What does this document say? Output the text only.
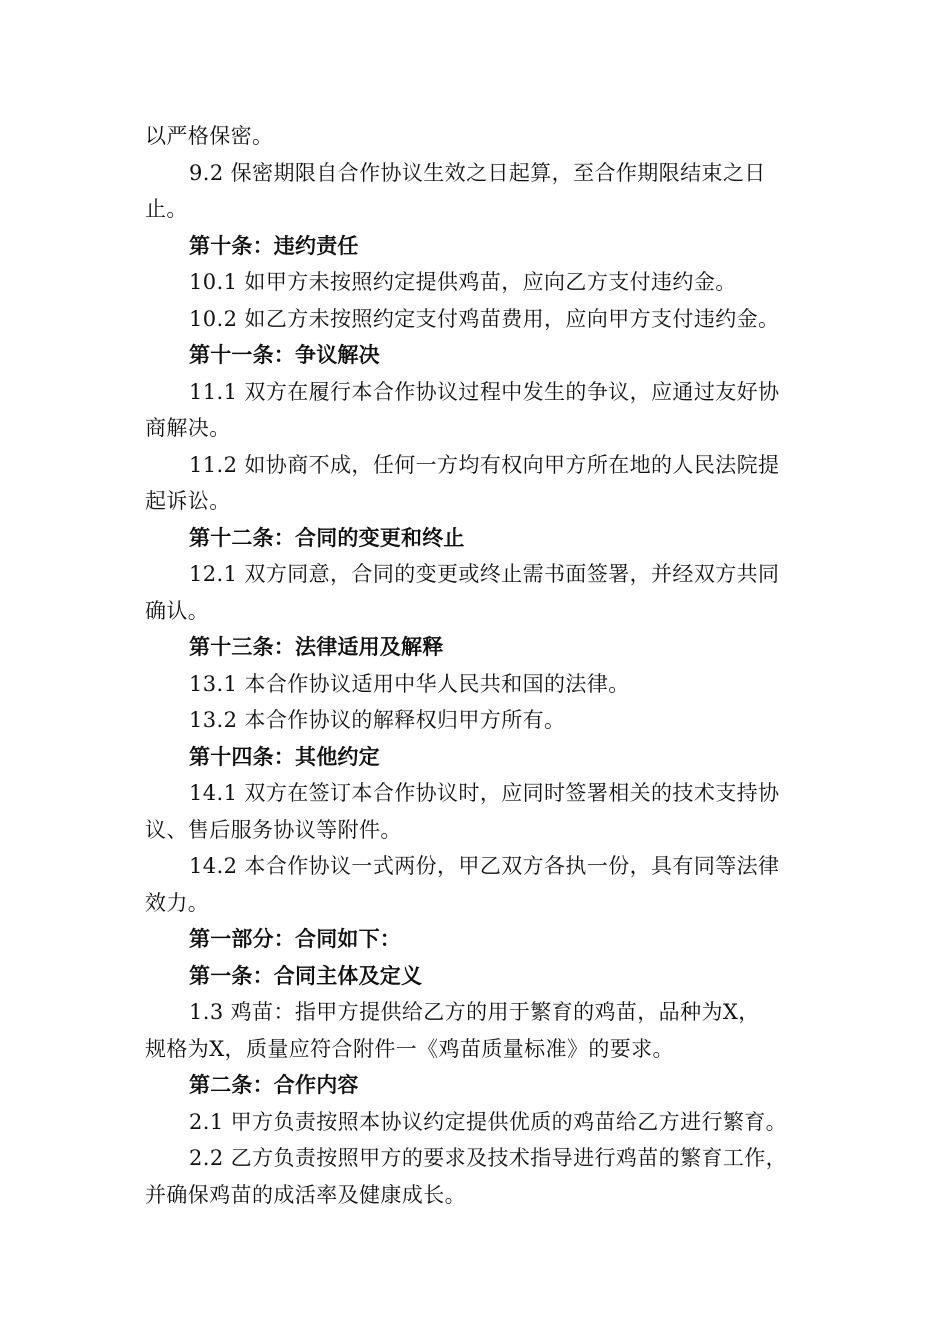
以严格保密。
9.2 保密期限自合作协议生效之日起算，至合作期限结束之日
止。
第十条：违约责任
10.1 如甲方未按照约定提供鸡苗，应向乙方支付违约金。
10.2 如乙方未按照约定支付鸡苗费用，应向甲方支付违约金。
第十一条：争议解决
11.1 双方在履行本合作协议过程中发生的争议，应通过友好协
商解决。
11.2 如协商不成，任何一方均有权向甲方所在地的人民法院提
起诉讼。
第十二条：合同的变更和终止
12.1 双方同意，合同的变更或终止需书面签署，并经双方共同
确认。
第十三条：法律适用及解释
13.1 本合作协议适用中华人民共和国的法律。
13.2 本合作协议的解释权归甲方所有。
第十四条：其他约定
14.1 双方在签订本合作协议时，应同时签署相关的技术支持协
议、售后服务协议等附件。
14.2 本合作协议一式两份，甲乙双方各执一份，具有同等法律
效力。
第一部分：合同如下：
第一条：合同主体及定义
1.3 鸡苗：指甲方提供给乙方的用于繁育的鸡苗，品种为X，
规格为X，质量应符合附件一《鸡苗质量标准》的要求。
第二条：合作内容
2.1 甲方负责按照本协议约定提供优质的鸡苗给乙方进行繁育。
2.2 乙方负责按照甲方的要求及技术指导进行鸡苗的繁育工作，
并确保鸡苗的成活率及健康成长。
